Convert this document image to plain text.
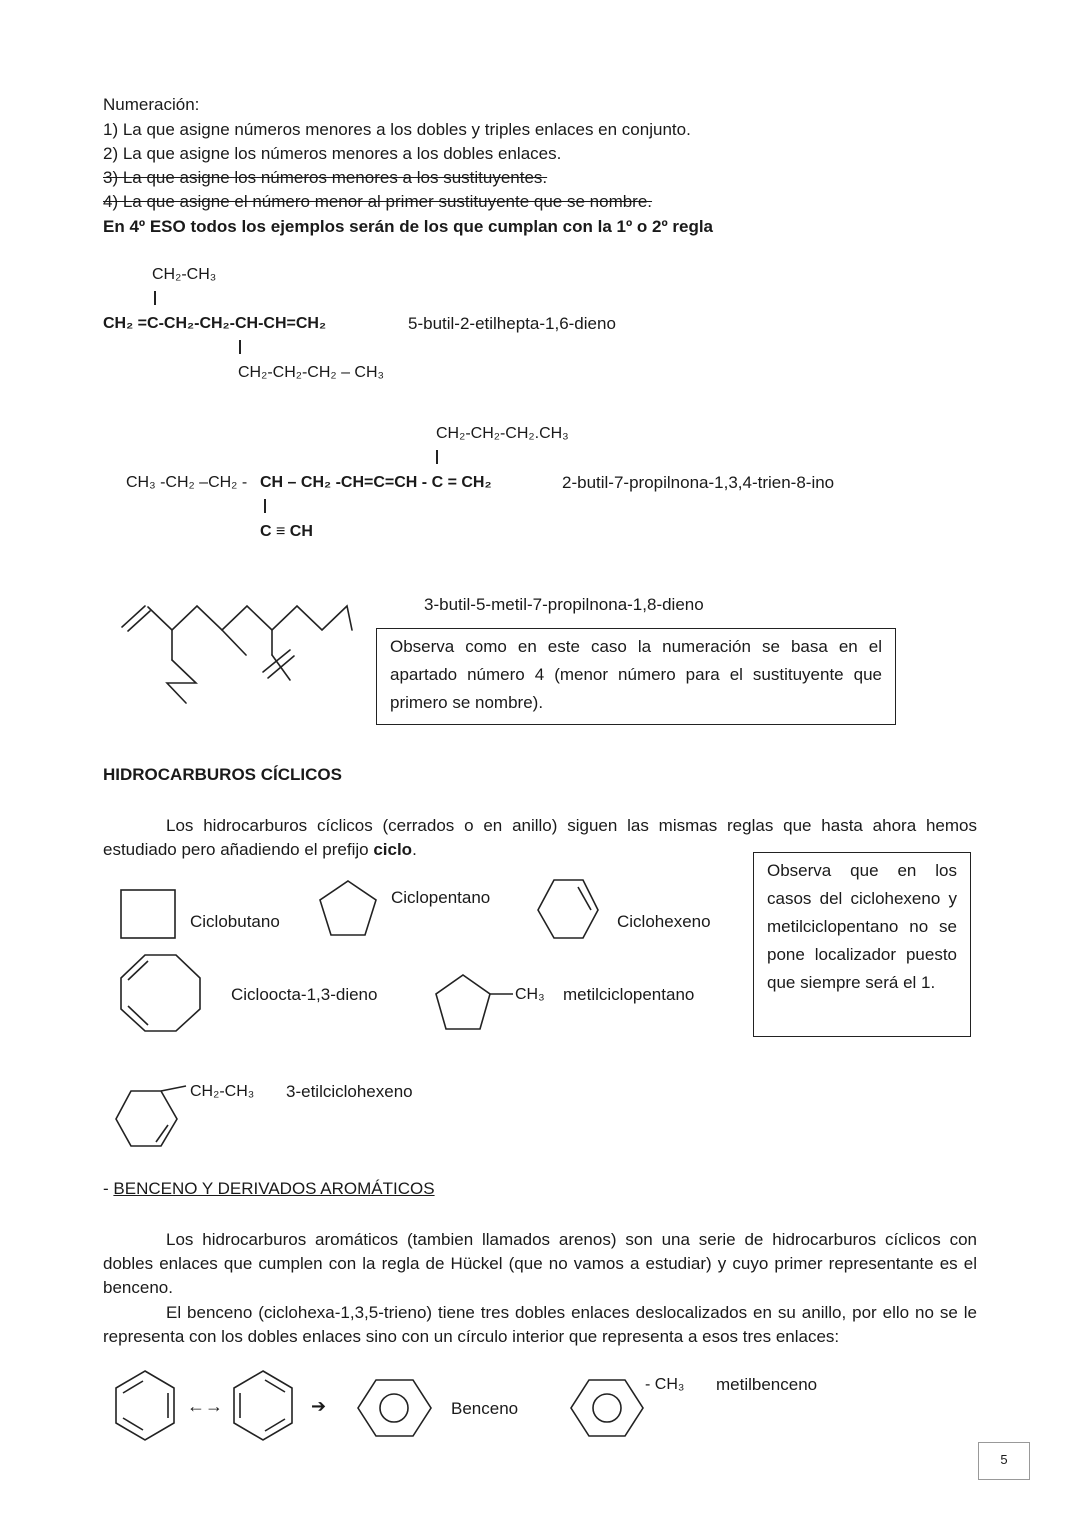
Numeración:
1) La que asigne números menores a los dobles y triples enlaces en conjunto.
2) La que asigne los números menores a los dobles enlaces.
3) La que asigne los números menores a los sustituyentes.
4) La que asigne el número menor al primer sustituyente que se nombre.
En 4º ESO todos los ejemplos serán de los que cumplan con la 1º o 2º regla
CH₂-CH₃
CH₂ =C-CH₂-CH₂-CH-CH=CH₂
CH₂-CH₂-CH₂ – CH₃
5-butil-2-etilhepta-1,6-dieno
CH₂-CH₂-CH₂.CH₃
CH₃ -CH₂ –CH₂ - CH – CH₂ -CH=C=CH - C = CH₂
C ≡ CH
2-butil-7-propilnona-1,3,4-trien-8-ino
3-butil-5-metil-7-propilnona-1,8-dieno
Observa como en este caso la numeración se basa en el apartado número 4 (menor número para el sustituyente que primero se nombre).
HIDROCARBUROS CÍCLICOS
Los hidrocarburos cíclicos (cerrados o en anillo) siguen las mismas reglas que hasta ahora hemos estudiado pero añadiendo el prefijo ciclo.
Observa que en los casos del ciclohexeno y metilciclopentano no se pone localizador puesto que siempre será el 1.
Ciclobutano
Ciclopentano
Ciclohexeno
Cicloocta-1,3-dieno	CH₃ metilciclopentano
CH₂-CH₃ 3-etilciclohexeno
- BENCENO Y DERIVADOS AROMÁTICOS
Los hidrocarburos aromáticos (tambien llamados arenos) son una serie de hidrocarburos cíclicos con dobles enlaces que cumplen con la regla de Hückel (que no vamos a estudiar) y cuyo primer representante es el benceno.
El benceno (ciclohexa-1,3,5-trieno) tiene tres dobles enlaces deslocalizados en su anillo, por ello no se le representa con los dobles enlaces sino con un círculo interior que representa a esos tres enlaces:
←→	➔	Benceno
- CH₃ metilbenceno
5
